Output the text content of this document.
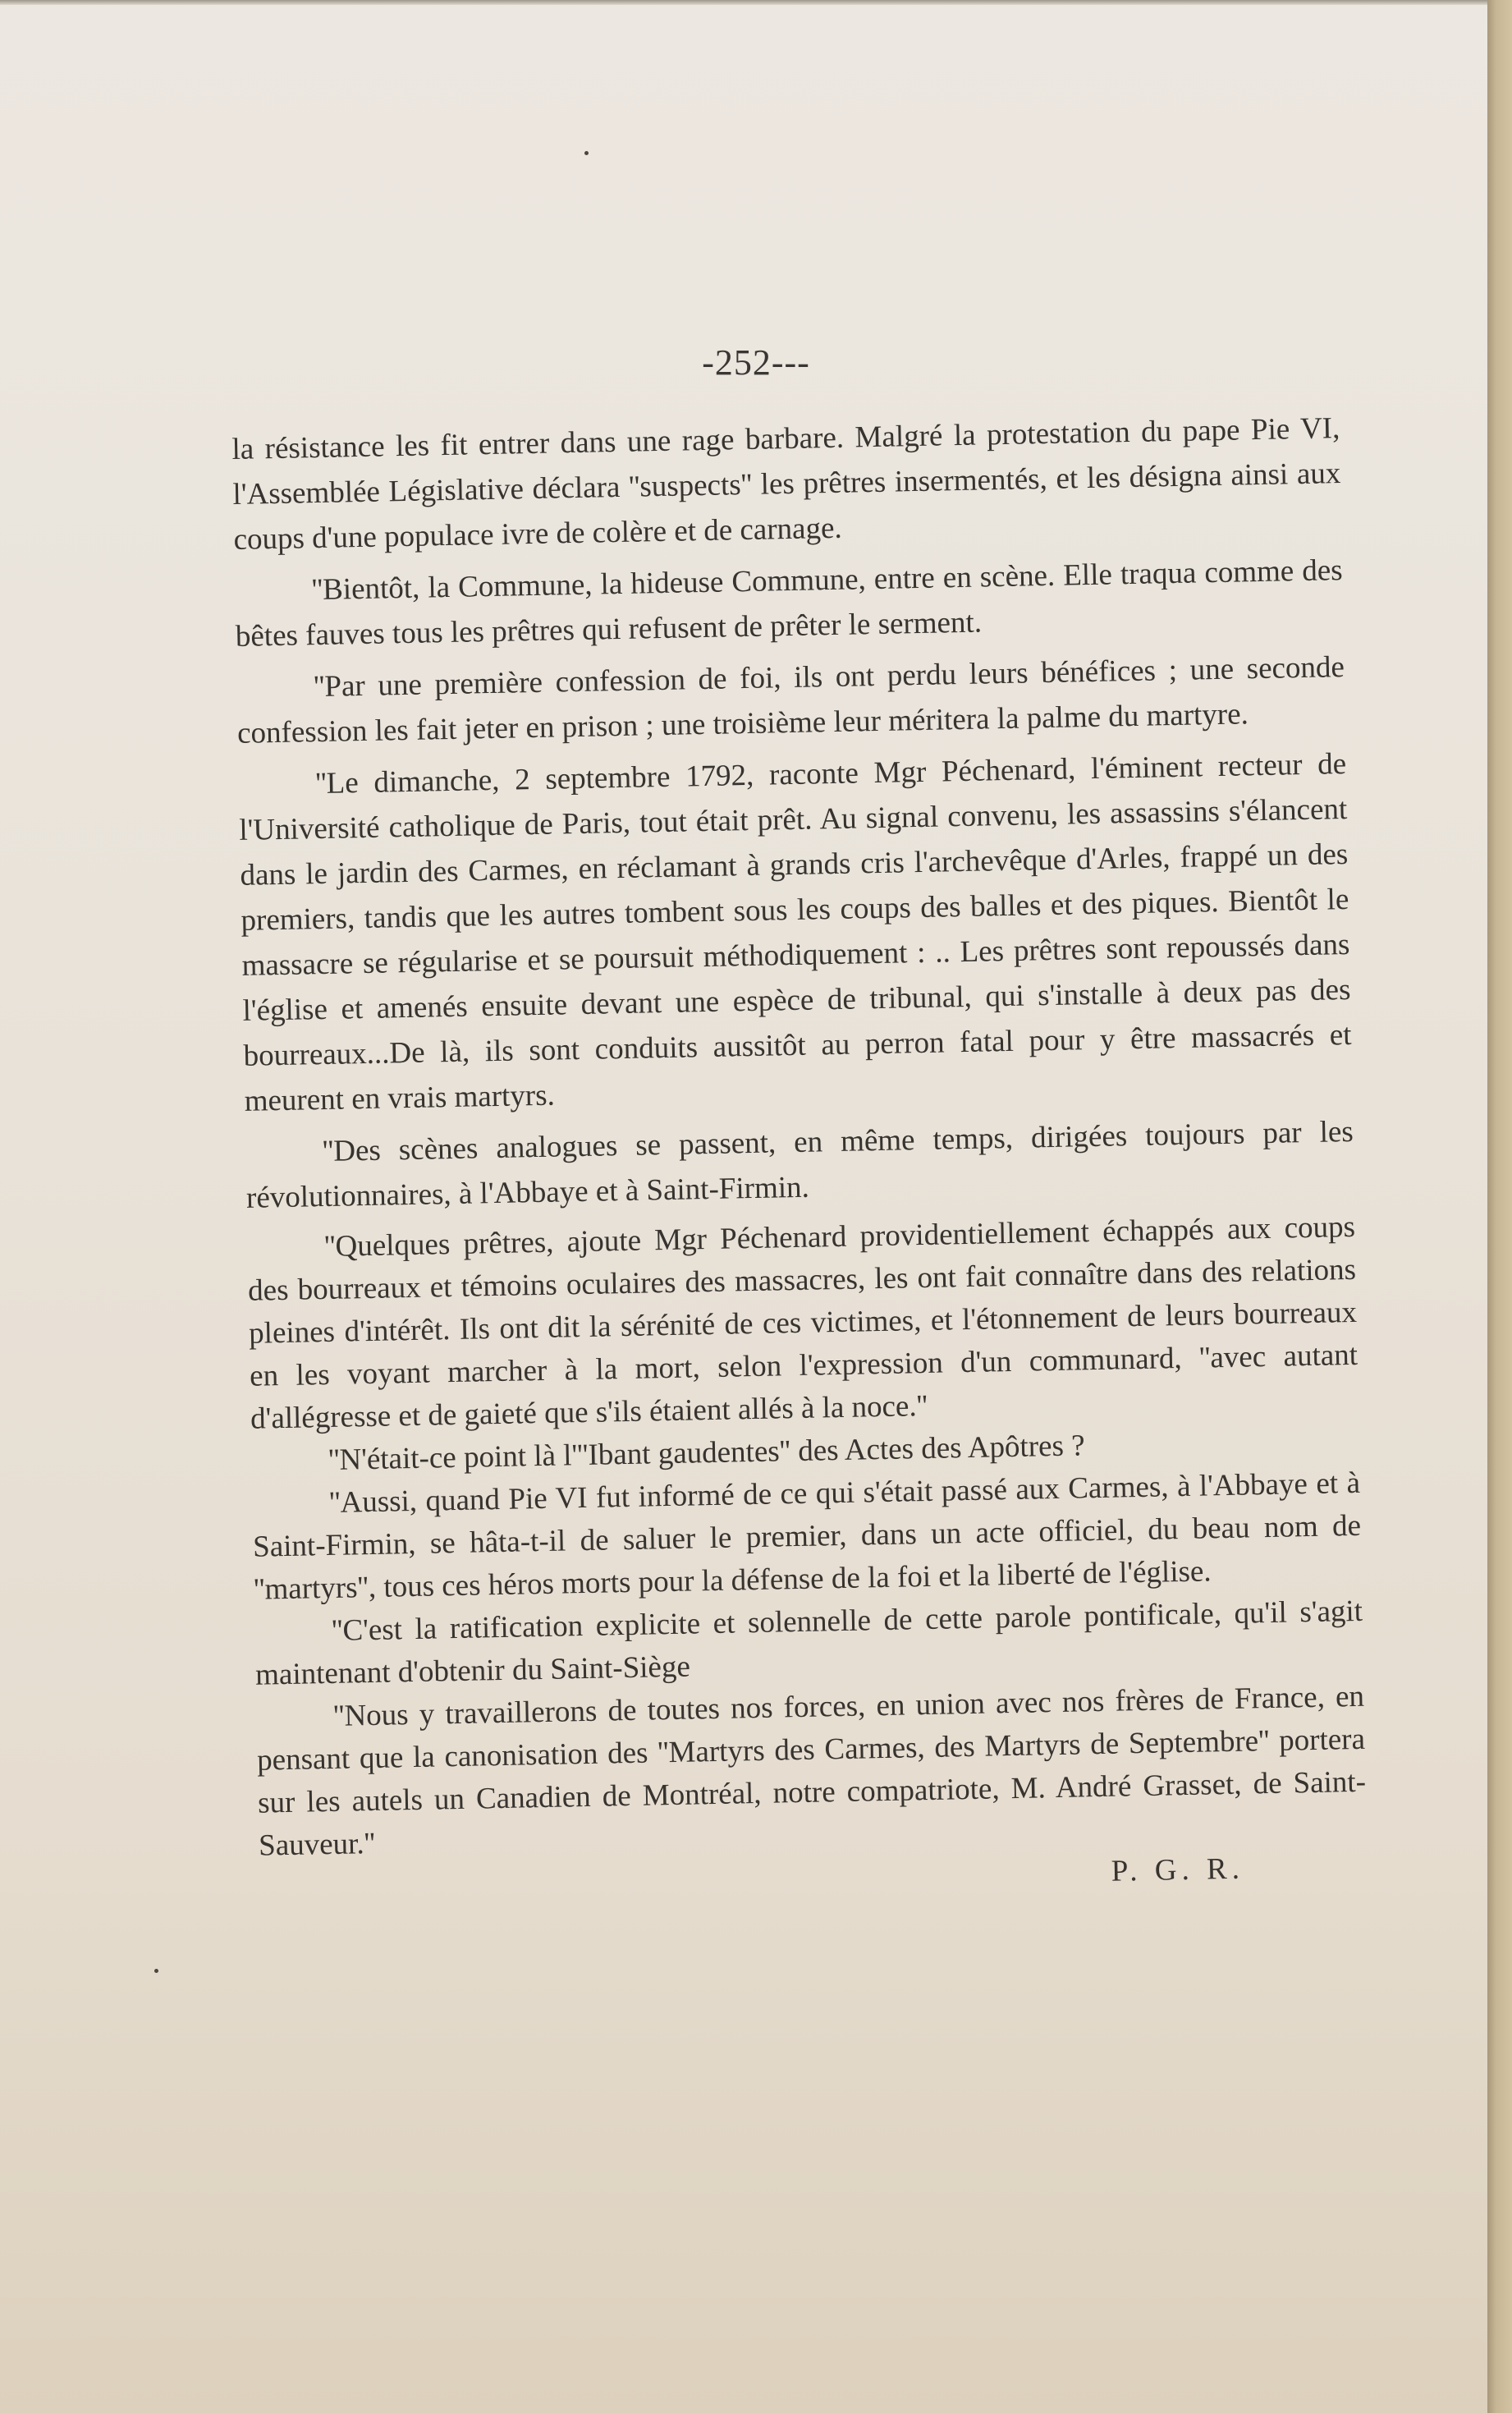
-252---

la résistance les fit entrer dans une rage barbare. Malgré la protestation du pape Pie VI, l'Assemblée Législative déclara ''suspects'' les prêtres insermentés, et les désigna ainsi aux coups d'une populace ivre de colère et de carnage.

''Bientôt, la Commune, la hideuse Commune, entre en scène. Elle traqua comme des bêtes fauves tous les prêtres qui refusent de prêter le serment.

''Par une première confession de foi, ils ont perdu leurs bénéfices ; une seconde confession les fait jeter en prison ; une troisième leur méritera la palme du martyre.

''Le dimanche, 2 septembre 1792, raconte Mgr Péchenard, l'éminent recteur de l'Université catholique de Paris, tout était prêt. Au signal convenu, les assassins s'élancent dans le jardin des Carmes, en réclamant à grands cris l'archevêque d'Arles, frappé un des premiers, tandis que les autres tombent sous les coups des balles et des piques. Bientôt le massacre se régularise et se poursuit méthodiquement : .. Les prêtres sont repoussés dans l'église et amenés ensuite devant une espèce de tribunal, qui s'installe à deux pas des bourreaux...De là, ils sont conduits aussitôt au perron fatal pour y être massacrés et meurent en vrais martyrs.

''Des scènes analogues se passent, en même temps, dirigées toujours par les révolutionnaires, à l'Abbaye et à Saint-Firmin.

''Quelques prêtres, ajoute Mgr Péchenard providentiellement échappés aux coups des bourreaux et témoins oculaires des massacres, les ont fait connaître dans des relations pleines d'intérêt. Ils ont dit la sérénité de ces victimes, et l'étonnement de leurs bourreaux en les voyant marcher à la mort, selon l'expression d'un communard, ''avec autant d'allégresse et de gaieté que s'ils étaient allés à la noce.''

''N'était-ce point là l'''Ibant gaudentes'' des Actes des Apôtres ?

''Aussi, quand Pie VI fut informé de ce qui s'était passé aux Carmes, à l'Abbaye et à Saint-Firmin, se hâta-t-il de saluer le premier, dans un acte officiel, du beau nom de ''martyrs'', tous ces héros morts pour la défense de la foi et la liberté de l'église.

''C'est la ratification explicite et solennelle de cette parole pontificale, qu'il s'agit maintenant d'obtenir du Saint-Siège

''Nous y travaillerons de toutes nos forces, en union avec nos frères de France, en pensant que la canonisation des ''Martyrs des Carmes, des Martyrs de Septembre'' portera sur les autels un Canadien de Montréal, notre compatriote, M. André Grasset, de Saint-Sauveur.''

P. G. R.
